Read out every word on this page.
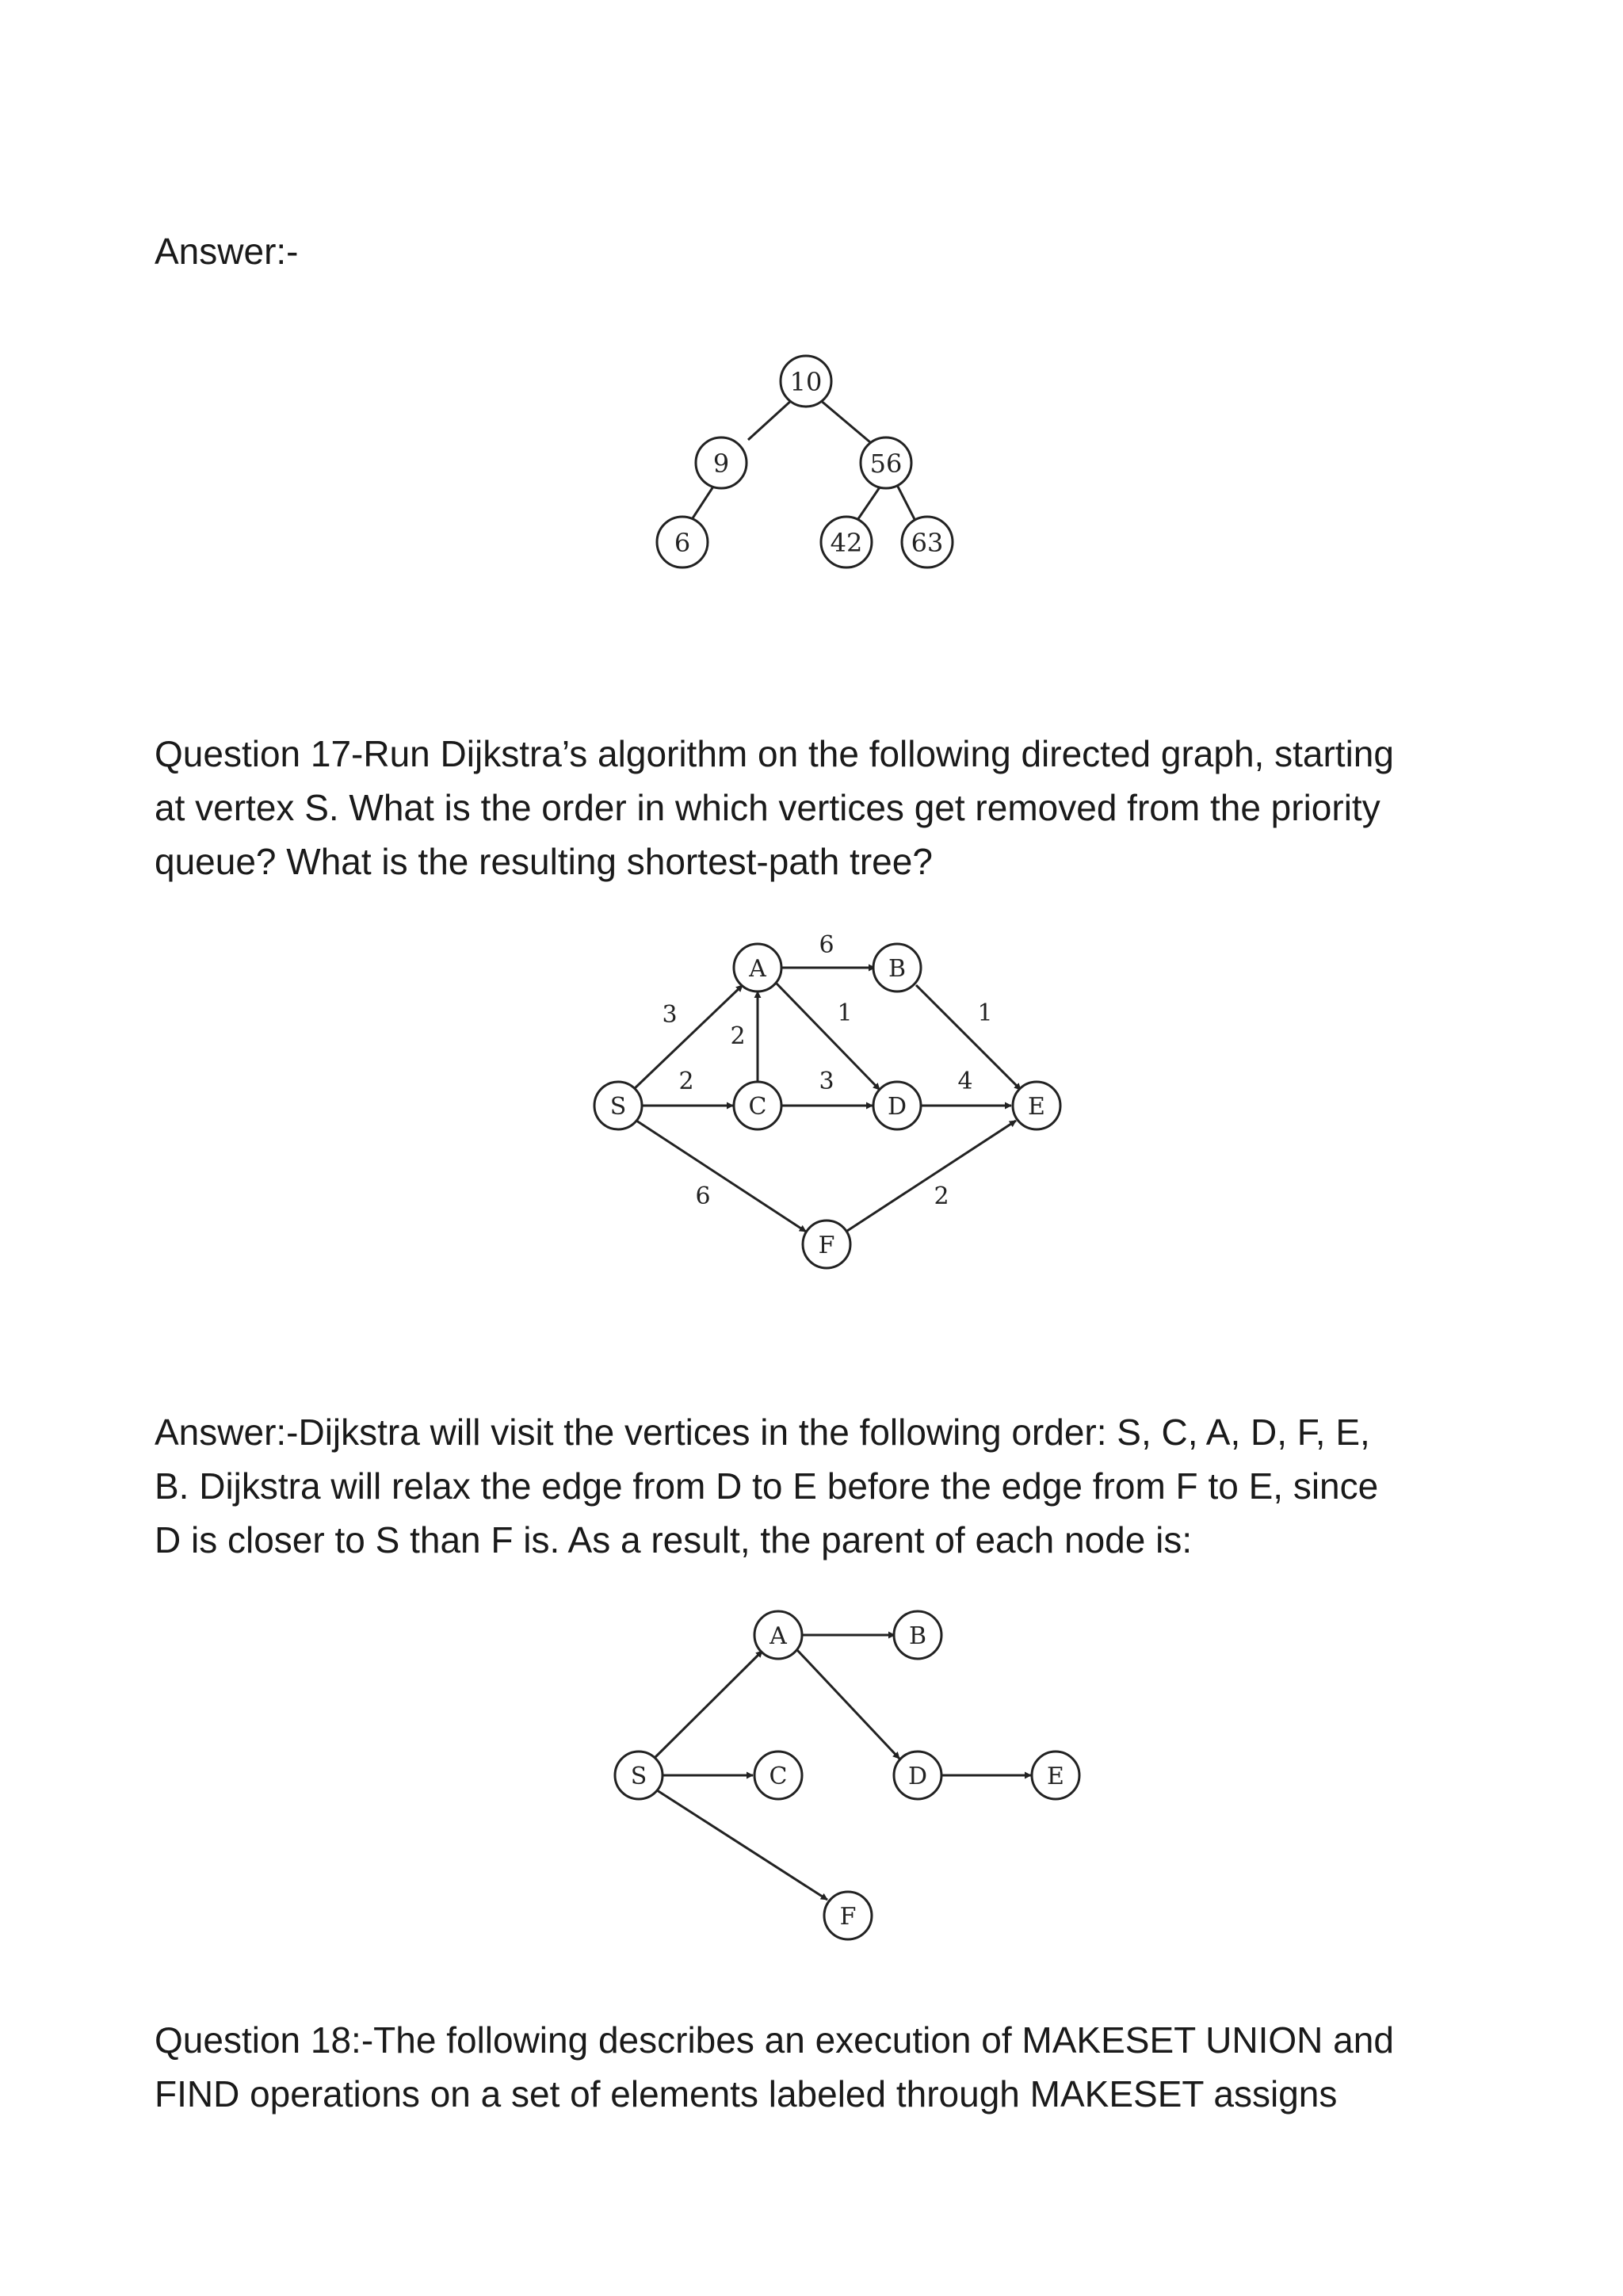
Answer:-

10
9	56
6	42 63

Question 17-Run Dijkstra’s algorithm on the following directed graph, starting
at vertex S. What is the order in which vertices get removed from the priority
queue? What is the resulting shortest-path tree?

3
6
1	1
2
2	3	4
6	2
A	B
S	C	D	E
F

Answer:-Dijkstra will visit the vertices in the following order: S, C, A, D, F, E,
B. Dijkstra will relax the edge from D to E before the edge from F to E, since
D is closer to S than F is. As a result, the parent of each node is:

A	B
S	C	D	E
F

Question 18:-The following describes an execution of MAKESET UNION and
FIND operations on a set of elements labeled through MAKESET assigns
